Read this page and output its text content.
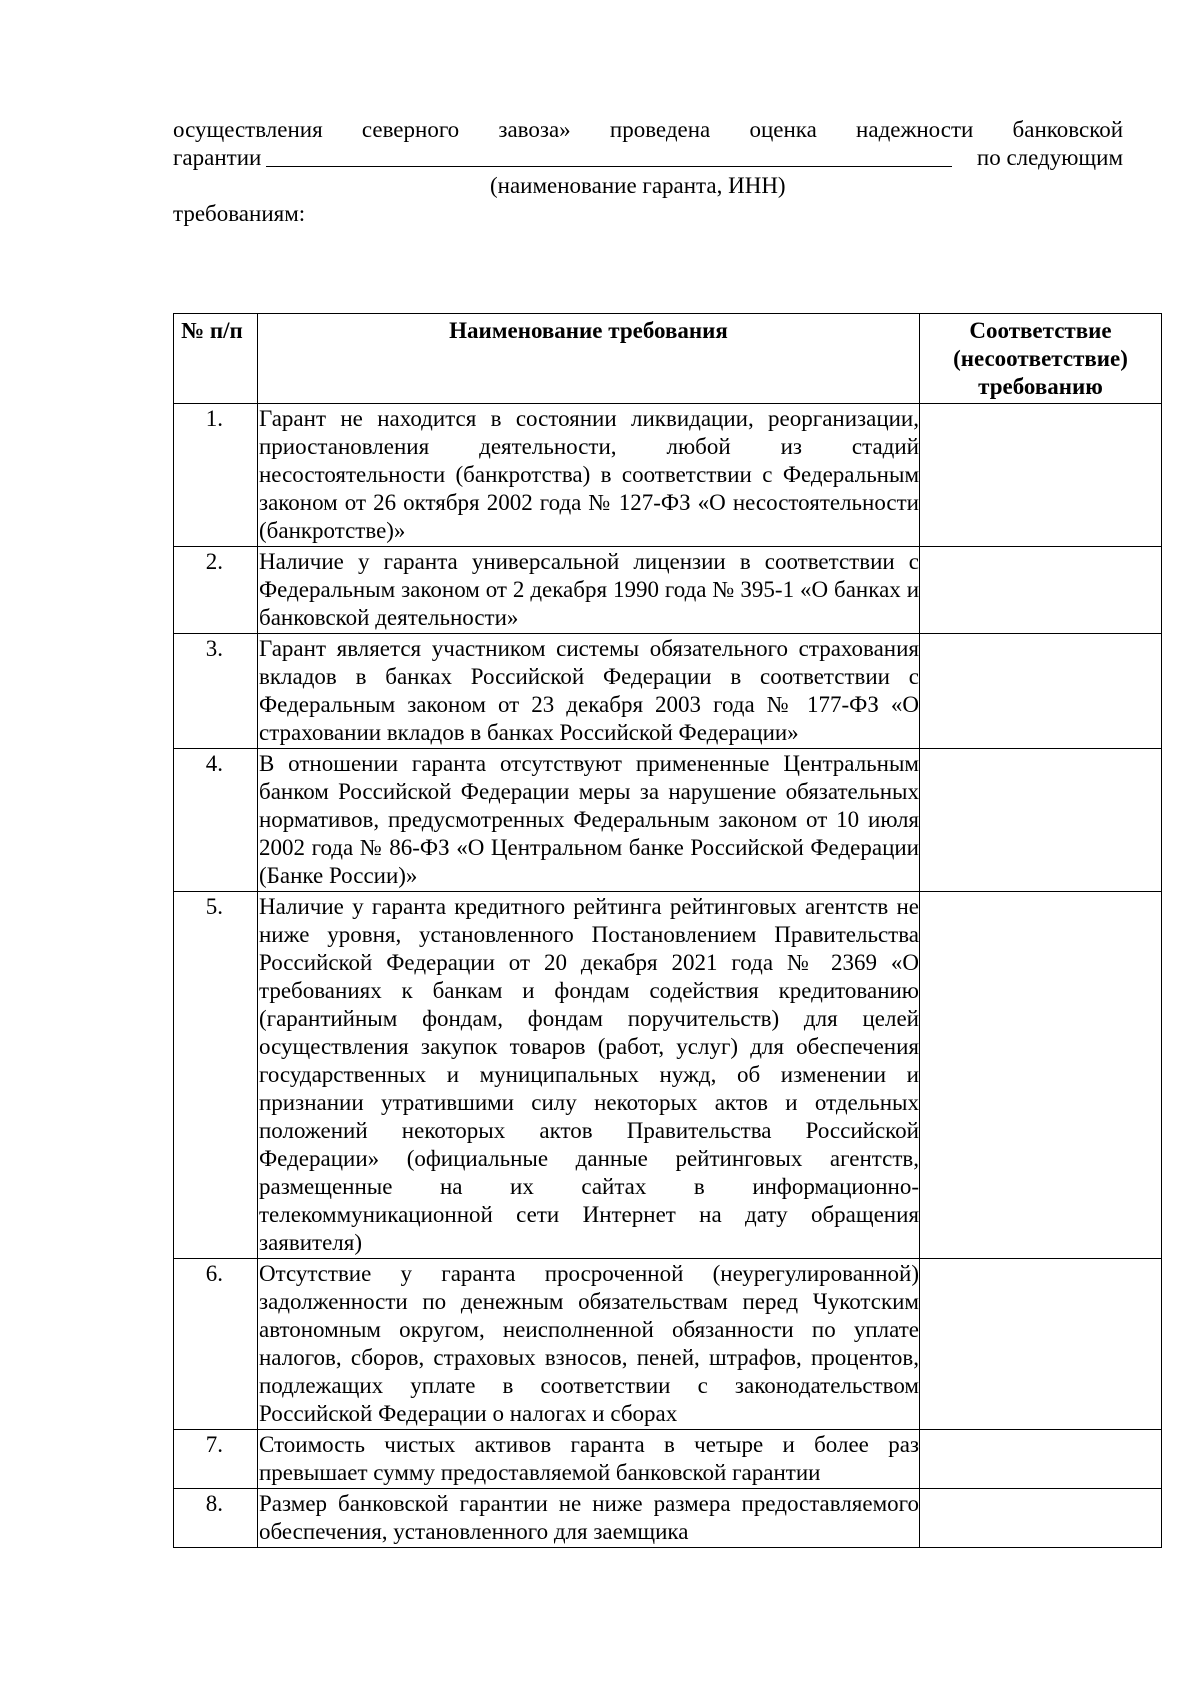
осуществления северного завоза» проведена оценка надежности банковской
гарантии	по следующим
(наименование гаранта, ИНН)
требованиям:
№ п/п	Наименование требования	Соответствие (несоответствие) требованию
1.	Гарант не находится в состоянии ликвидации, реорганизации, приостановления деятельности, любой из стадий несостоятельности (банкротства) в соответствии с Федеральным законом от 26 октября 2002 года № 127-ФЗ «О несостоятельности (банкротстве)»	
2.	Наличие у гаранта универсальной лицензии в соответствии с Федеральным законом от 2 декабря 1990 года № 395-1 «О банках и банковской деятельности»	
3.	Гарант является участником системы обязательного страхования вкладов в банках Российской Федерации в соответствии с Федеральным законом от 23 декабря 2003 года № 177-ФЗ «О страховании вкладов в банках Российской Федерации»	
4.	В отношении гаранта отсутствуют примененные Центральным банком Российской Федерации меры за нарушение обязательных нормативов, предусмотренных Федеральным законом от 10 июля 2002 года № 86-ФЗ «О Центральном банке Российской Федерации (Банке России)»	
5.	Наличие у гаранта кредитного рейтинга рейтинговых агентств не ниже уровня, установленного Постановлением Правительства Российской Федерации от 20 декабря 2021 года № 2369 «О требованиях к банкам и фондам содействия кредитованию (гарантийным фондам, фондам поручительств) для целей осуществления закупок товаров (работ, услуг) для обеспечения государственных и муниципальных нужд, об изменении и признании утратившими силу некоторых актов и отдельных положений некоторых актов Правительства Российской Федерации» (официальные данные рейтинговых агентств, размещенные на их сайтах в информационно-телекоммуникационной сети Интернет на дату обращения заявителя)	
6.	Отсутствие у гаранта просроченной (неурегулированной) задолженности по денежным обязательствам перед Чукотским автономным округом, неисполненной обязанности по уплате налогов, сборов, страховых взносов, пеней, штрафов, процентов, подлежащих уплате в соответствии с законодательством Российской Федерации о налогах и сборах	
7.	Стоимость чистых активов гаранта в четыре и более раз превышает сумму предоставляемой банковской гарантии	
8.	Размер банковской гарантии не ниже размера предоставляемого обеспечения, установленного для заемщика	
